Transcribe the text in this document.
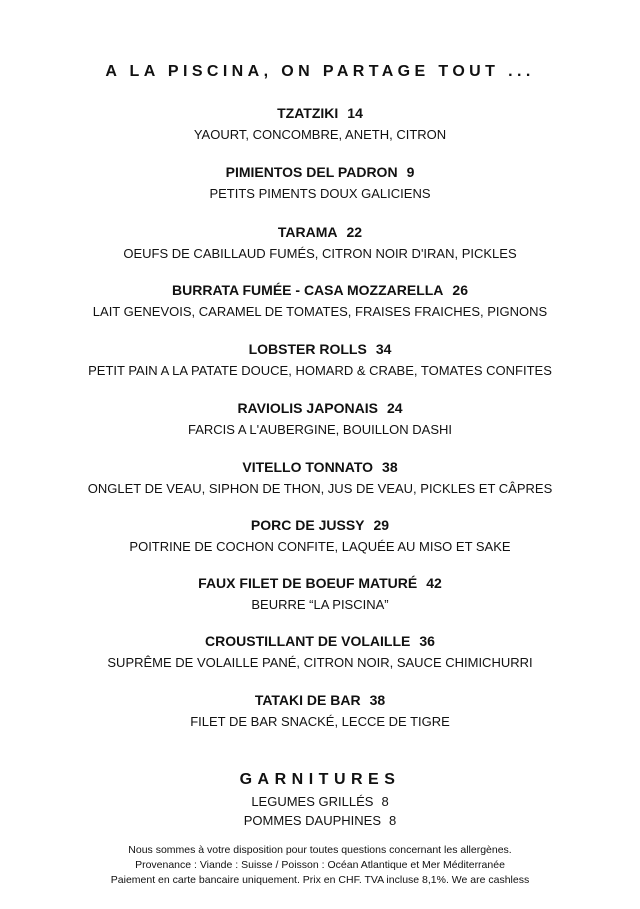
A LA PISCINA, ON PARTAGE TOUT ...
TZATZIKI 14
YAOURT, CONCOMBRE, ANETH, CITRON
PIMIENTOS DEL PADRON 9
PETITS PIMENTS DOUX GALICIENS
TARAMA 22
OEUFS DE CABILLAUD FUMÉS, CITRON NOIR D'IRAN, PICKLES
BURRATA FUMÉE - CASA MOZZARELLA 26
LAIT GENEVOIS, CARAMEL DE TOMATES, FRAISES FRAICHES, PIGNONS
LOBSTER ROLLS 34
PETIT PAIN A LA PATATE DOUCE, HOMARD & CRABE, TOMATES CONFITES
RAVIOLIS JAPONAIS 24
FARCIS A L'AUBERGINE, BOUILLON DASHI
VITELLO TONNATO 38
ONGLET DE VEAU, SIPHON DE THON, JUS DE VEAU, PICKLES ET CÂPRES
PORC DE JUSSY 29
POITRINE DE COCHON CONFITE, LAQUÉE AU MISO ET SAKE
FAUX FILET DE BOEUF MATURÉ 42
BEURRE “LA PISCINA”
CROUSTILLANT DE VOLAILLE 36
SUPRÊME DE VOLAILLE PANÉ, CITRON NOIR, SAUCE CHIMICHURRI
TATAKI DE BAR 38
FILET DE BAR SNACKÉ, LECCE DE TIGRE
GARNITURES
LEGUMES GRILLÉS 8
POMMES DAUPHINES 8
Nous sommes à votre disposition pour toutes questions concernant les allergènes.
Provenance : Viande : Suisse / Poisson : Océan Atlantique et Mer Méditerranée
Paiement en carte bancaire uniquement. Prix en CHF. TVA incluse 8,1%. We are cashless
